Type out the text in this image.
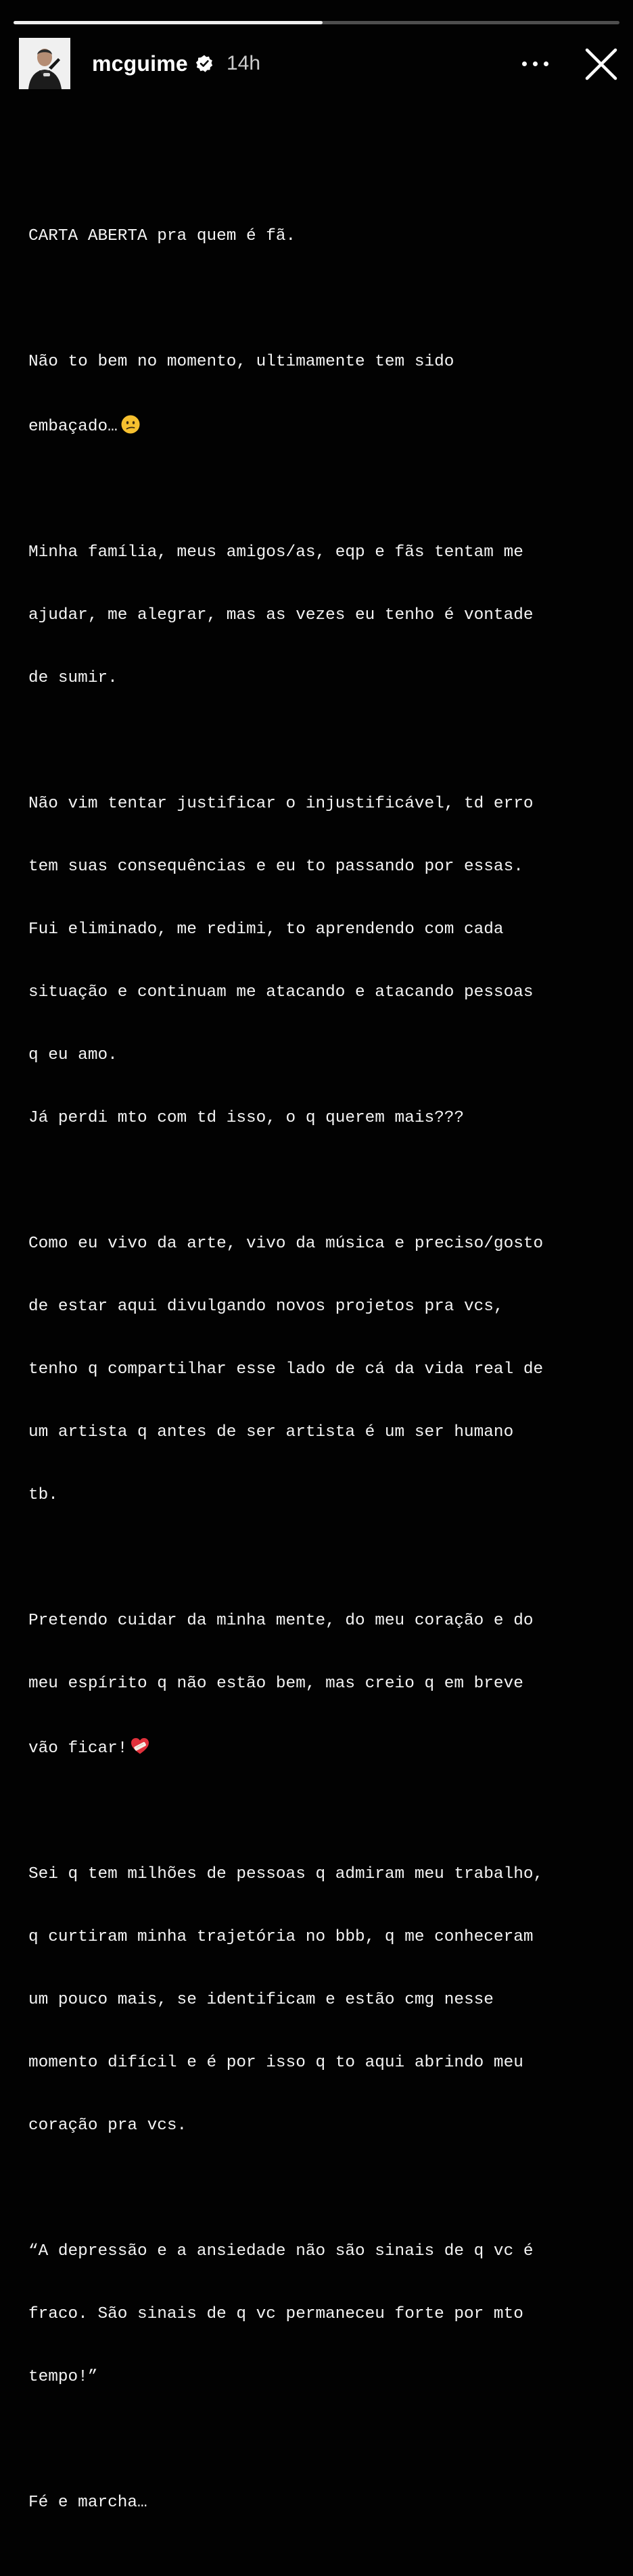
mcguime 14h

CARTA ABERTA pra quem é fã.

Não to bem no momento, ultimamente tem sido

embaçado…

Minha família, meus amigos/as, eqp e fãs tentam me

ajudar, me alegrar, mas as vezes eu tenho é vontade

de sumir.

Não vim tentar justificar o injustificável, td erro

tem suas consequências e eu to passando por essas.

Fui eliminado, me redimi, to aprendendo com cada

situação e continuam me atacando e atacando pessoas

q eu amo.

Já perdi mto com td isso, o q querem mais???

Como eu vivo da arte, vivo da música e preciso/gosto

de estar aqui divulgando novos projetos pra vcs,

tenho q compartilhar esse lado de cá da vida real de

um artista q antes de ser artista é um ser humano

tb.

Pretendo cuidar da minha mente, do meu coração e do

meu espírito q não estão bem, mas creio q em breve

vão ficar!

Sei q tem milhões de pessoas q admiram meu trabalho,

q curtiram minha trajetória no bbb, q me conheceram

um pouco mais, se identificam e estão cmg nesse

momento difícil e é por isso q to aqui abrindo meu

coração pra vcs.

“A depressão e a ansiedade não são sinais de q vc é

fraco. São sinais de q vc permaneceu forte por mto

tempo!”

Fé e marcha…
